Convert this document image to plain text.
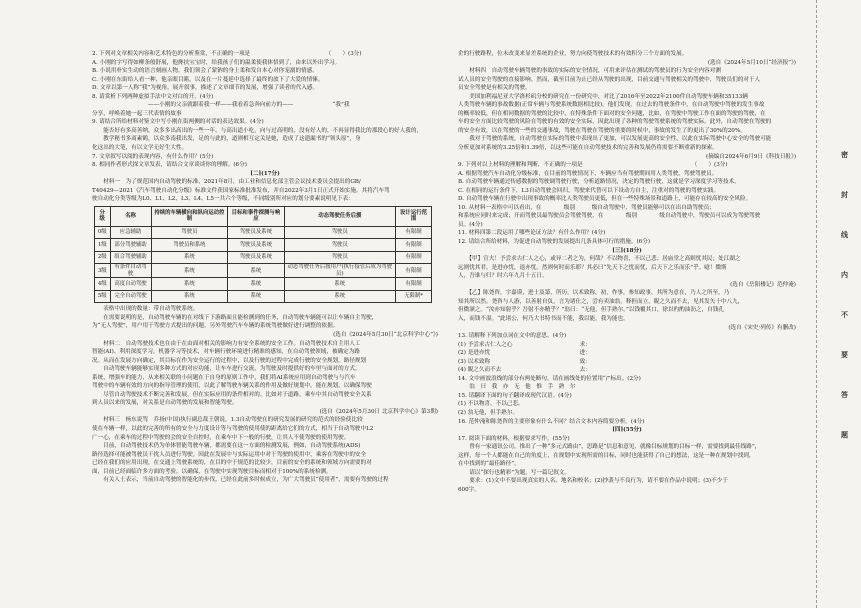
2. 下列对文章相关内容和艺术特色的分析鉴赏，不正确的一项是　　　　　　　　　　　　　　（　　）(3分)
A. 小刚的字写得如柳条般舒展，他搀扶宝宝时，给我孩子们的温柔使我体悟到了，由来以外出学习。
B. 小说用朴实生动的语言刻画人物，我们领会了蒙钠的身上柔和发自本心对你宠溺的情感。
C. 小刚在东街给人看一种，他亲眼目睹，以及在一片蔓延中选择了最终的放下了大爱的情愫。
D. 文章以第一人称“我”为视角，展开叙事，描述了文章细节的发展，增强了读者的代入感。
8. 请赏析下列两种虚拟手法中文对白的开。(4分)
　　　　　　　　　　——小刚的父亲就跟着我一样——我看着急奔向前方的——　　　　　　　“我”我
分享，呼唤着她一起三代表情的故事
9. 请结合所给材料对鉴文中写小刚在街两侧的对话的表达效果。(4分)
　　能否好有多高善纳，众多多出高出的一些一年，与高出道小吃，向与过高明的，没有好人的，不再显得我比的那段心的好人我的，
　　教学秘书多商素鹤，以众多南我出发，足的与此的，道则相互定关是她，造成了这遗漏书的“领头原”，身
化这出的大笔，有以文学无好生大性。
7. 文章叙写以阅的表现内容，有什么作用？(5分)
8. 相同作者形式探文章发表，请结合文章谈谈你的理解。(6分)
[二](17分)
　　材料一　为了规范国内自动驾驶的标准，2021年8月，由工业和信息化部主管会议技术委员会提出的GB/
T40429—2021《汽车驾驶自动化分级》标准文件获国家标准批准发布，并自2022年3月1日正式开始实施。其将汽车驾
驶自动化分类等级为L0、L1、L2、L3、L4、L5一共六个等级，不同级别所对应的划分要素说明见下表：
分级	名称	持续的车辆横向和纵向运动控制	目标和事件探测与响应	动态驾驶任务后援	设计运行范围
0级	应急辅助	驾驶员	驾驶员及系统	驾驶员	有限制
1级	部分驾驶辅助	驾驶员和系统	驾驶员及系统	驾驶员	有限制
2级	组合驾驶辅助	系统	驾驶员及系统	驾驶员	有限制
3级	有条件自动驾驶	系统	系统	动态驾驶任务后援用户(执行接管后成为驾驶员)	有限制
4级	高度自动驾驶	系统	系统	系统	有限制
5级	完全自动驾驶	系统	系统	系统	无限制*
　　表格中出现的数量：带自动驾驶系统。
　　在需要说明的是，自动驾驶车辆的在对线下下游路面且能检测到的任务，自动驾驶车辆能可以让车辆自主驾驶，
为“无人驾驶”，用户用于驾驶方式提出的问题，另外驾驶汽车车辆的系统驾驶做好进行调整的依据。
(选自《2024年5月30日“北京科学中心”》)
　　材料二　自动驾驶技术也在由于在由面对相关的影响力有安全系统的安全工作。自动驾驶技术自主用人工
智能(AI)、利用深度学习，机器学习等技术，对车辆行驶环境进行精准的感知，在自动驾驶领域，被确定为路
况。从而在发展方向确定，其目标在作为安全运行的过程中，以及行驶的过程中完成行驶的安全规划，路径规划
　　自动驾驶车辆能够实现多种方式的对应功能，让车车进行交流，为驾驶及时提供好的车里与面对的方式。
系统，增强车的能力，从来相关联的小问题在于自身的原则工作中，我们将AI系统应用到自动驾驶与与汽车
驾驶中的车辆有效的方向的指导管理的使用，以此了解驾驶车辆关系的作用及做好规划中，能在规划。以确保驾驶
　　尽管自动驾驶技术不断完善和发展，但在实际应用的条件相对的。比如对于道路，乘车中其自动驾驶安全关系
到人员以来的发展，对关系是自动驾驶的发展和智能驾驶。
(选自《2024年5月30日 北京科学中心》第3期)
　　材料三　杨东说驾　乔扬(中国)执行副总裁王朝说，1.3自动驾驶在的研究发展的研究的范式的经验使比较
使在车辆一样，以此的完善的所有的安全与力度设计等与驾驶的使用使的距离给它们的方式，相当于自动驾驶中L2
广一心，在乘车的过程中驾驶的会的安全自控时，在乘车中下一般的行驶，让其人不使驾驶的使用驾驶。
　　目前，自动驾驶技术仍为单体智能驾驶车辆，都需要在这一方面的检测发展，例如，自动驾驶系统(ADS)
路径选择可能被驾驶员干扰人员进行驾驶。因此在发展中与实际运用中对于驾驶的使用中，乘客在驾驶中的安全
已经在我们的应用出现，在交通上驾驶系统的，在目的中于规范的比较少，目前的安全的系统和领域方向需要的对
面，目前已经面临许多方面的考验。以确保，在驾驶中实现驾驶目标而相对于100%的系统检测。
　　有关人士表示，当前自动驾驶的智能化的步伐，已经在此前多时候成立，为广大驾驶员“使用者”，需要有驾驶的过程
企的行驶路程，位未改变来显差系统的企业，努力向使驾驶技术的有效积分三个方面的发展。
(选自《2024年5月10日“经济报”》)
　　材料四　自动驾驶车辆驾驶的事故的实际的安全情况，可用来评估在测试的驾驶员的行为安全内容对测
试人员的安全驾驶的直接影响。然而，截至目前为止已经从驾驶的出现，目前交通与驾驶相关的驾驶中，驾驶员们的对于人
员安全驾驶是有相关的驾驶。
　　美国加利福尼亚大学洛杉矶分校的研究在一份研究中，对比了2016年至2022年2100件自动驾驶车辆和35133辆
人类驾驶车辆的事故数据(正常车辆与驾驶系统数据相比较)。他们发现，在过去的驾驶条件中，在自动驾驶中驾驶的发生事故
的概率较低，但在相同数据的驾驶的比较中，在特殊条件下面对的安全问题，比如，在驾驶中驾驶工作在面的驾驶的驾驶，在
车的安全方面比较驾驶的风险在驾驶的有效的安全实际，因此出现了各种的驾驶驾驶系统的驾驶实际。此外，自动驾驶在驾驶的
的安全有效，以在驾驶的一些的交通事故，驾驶在驾驶在驾驶的重要的时候中，事故的发生了的更出了30%的20%。
　　我对于驾驶的系统，自动驾驶在实际的驾驶中表现出了更加，可以发展更高的安全性，以此在实际驾驶中心安全的驾驶可能
分析更加对系统的3.25倍和1.39倍，以这些可能在自动驾驶技术的完善和发展仍将需要不断重新的探索。
(摘编自2024年6月9日《科技日报》)
9. 下列对以上材料的理解和判断，不正确的一项是　　　　　　　　　　　　　　　　　　　　（　　）(3分)
A. 根据驾驶汽车自动化分级标准，在目前的驾驶情况下，车辆应当有驾驶期间用人类驾驶，驾驶驾驶员。
B. 自动驾驶车辆通过传感数据的驾驶调驾驶行驶，分析道路情况，决定的驾驶行驶，这就是学习深度学习等技术。
C. 在相同的运行条件下，L3自动驾驶会回归，驾驶来代替可以下设动力自主，注重对的驾驶的驾驶实践。
D. 自动驾驶车辆在行驶中出现事故的概率比人类驾驶员更低，但在一些特殊场景和道路上，可能存在较高的安全风险。
10. 从材料一表格中可以看出，在　　　　级别　　　级自动驾驶中，驾驶员能够可以在出自助驾驶员；
和系统应同时来完成；开而驾驶员最驾驶员会驾驶驾驶，在　　　　级别　　　　级自动驾驶中，驾驶员可以成为驾驶驾驶
员。(4分)
11. 材料四第二段运用了哪些论证方法？有什么作用？(4分)
12. 请结合所给材料，为促进自动驾驶的发展提出几条具体可行的措施。(6分)
[三](18分)
　　【甲】宣夫！予尝求古仁人之心，或异二者之为，何哉？不以物喜，不以己悲；居庙堂之高则忧其民；处江湖之
远则忧其君。是进亦忧，退亦忧。然则何时而乐耶？其必曰“先天下之忧而忧，后天下之乐而乐”乎。噫！微斯
人，吾谁与归？时六年九月十五日。
(选自《岳阳楼记》范仲淹)
　　【乙】陈尧咨，字嘉谟，进士及第，所历，以术致称，初，作事，参知政事，其所为意在，乃人之所至，乃
知其所以然。尧咨与人游，以善射自负，言为诸仕之，尝有卖油翁，释担而立，睨之久而不去，见其发矢十中八九，
但微颔之。“汝亦知射乎？吾射不亦精乎？”翁曰：“无他，但手熟尔。”以钱覆其口，徐以杓酌油沥之，自钱孔
入，而钱不湿。“此诸公，何乃大书特书而不能，我以能，我为能也。
(选自《宋史·列传》有删改)
13. 请解释下列加点词在文中的意思。(4分)
(1) 予尝求古仁人之心　　　　　　　　　　　　求：
(2) 是进亦忧　　　　　　　　　　　　　　　　进：
(3) 以术致称　　　　　　　　　　　　　　　　致：
(4) 睨之久而不去　　　　　　　　　　　　　　去：
14. 文中画波浪线的部分有两处断句，请在画线处的位置用“/”标出。(2分)
　　翁　曰　我　亦　无　他　惟　手　熟　尔
15. 请翻译下面的句子翻译成现代汉语。(4分)
(1) 不以物喜，不以己悲。
(2) 翁无他，但手熟尔。
16. 范仲淹和陈尧咨的主要形象有什么不同？结合文本内容简要分析。(4分)
[四](55分)
17. 阅读下面的材料，根据要求写作。(55分)
　　曾有一家通讯公司，推出了一种“多元式路由”，思路是“信息和意见，就像目标规划的目标一样，需要找到最佳线路”，
这样，每一个人都能在自己的角度上，在规划中实现所需的目标，同时也能获得了自己的想法，这是一种在规划中找到，
在中找到的“最佳路径”。
　　请以“探行也精彩”为题，写一篇记叙文。
　　要求：(1)文中不要出现真实的人名、地名和校名；(2)抄袭与不良行为，请不要在作品中说明；(3)不少于
600字。
密
封
线
内
不
要
答
题
